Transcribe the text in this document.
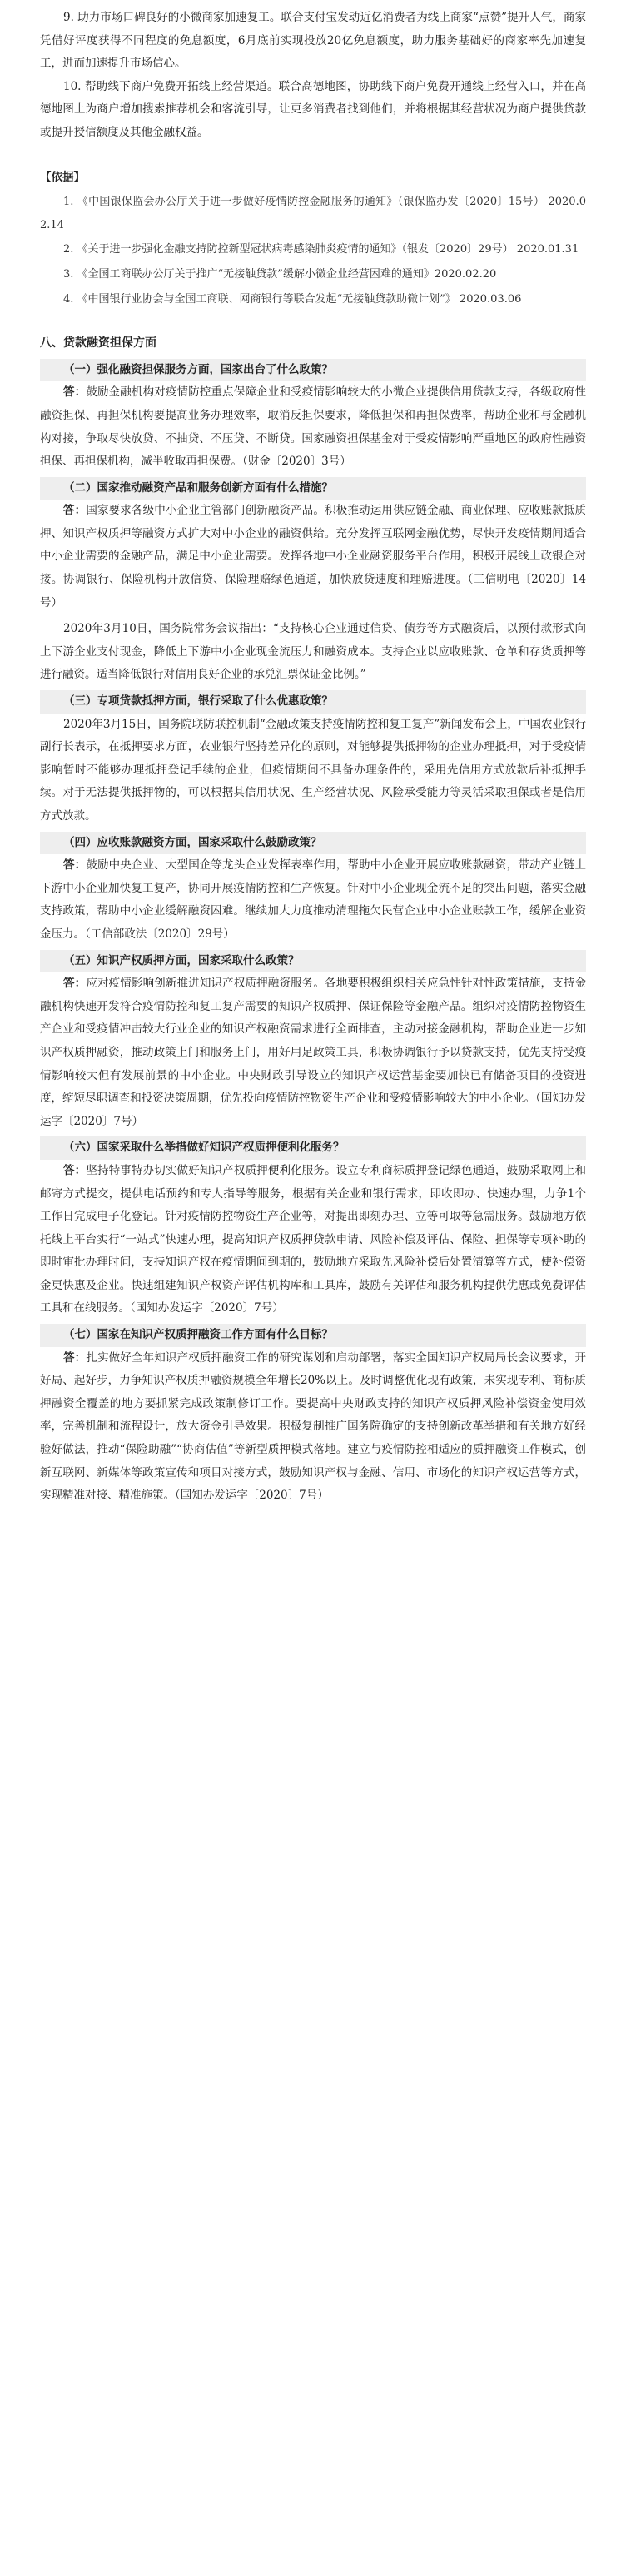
9. 助力市场口碑良好的小微商家加速复工。联合支付宝发动近亿消费者为线上商家“点赞”提升人气，商家凭借好评度获得不同程度的免息额度，6月底前实现投放20亿免息额度，助力服务基础好的商家率先加速复工，进而加速提升市场信心。

10. 帮助线下商户免费开拓线上经营渠道。联合高德地图，协助线下商户免费开通线上经营入口，并在高德地图上为商户增加搜索推荐机会和客流引导，让更多消费者找到他们，并将根据其经营状况为商户提供贷款或提升授信额度及其他金融权益。

【依据】

1. 《中国银保监会办公厅关于进一步做好疫情防控金融服务的通知》（银保监办发〔2020〕15号） 2020.02.14

2. 《关于进一步强化金融支持防控新型冠状病毒感染肺炎疫情的通知》（银发〔2020〕29号） 2020.01.31

3. 《全国工商联办公厅关于推广“无接触贷款”缓解小微企业经营困难的通知》2020.02.20

4. 《中国银行业协会与全国工商联、网商银行等联合发起“无接触贷款助微计划”》 2020.03.06

八、贷款融资担保方面

（一）强化融资担保服务方面，国家出台了什么政策？

答：鼓励金融机构对疫情防控重点保障企业和受疫情影响较大的小微企业提供信用贷款支持，各级政府性融资担保、再担保机构要提高业务办理效率，取消反担保要求，降低担保和再担保费率，帮助企业和与金融机构对接，争取尽快放贷、不抽贷、不压贷、不断贷。国家融资担保基金对于受疫情影响严重地区的政府性融资担保、再担保机构，减半收取再担保费。（财金〔2020〕3号）

（二）国家推动融资产品和服务创新方面有什么措施？

答：国家要求各级中小企业主管部门创新融资产品。积极推动运用供应链金融、商业保理、应收账款抵质押、知识产权质押等融资方式扩大对中小企业的融资供给。充分发挥互联网金融优势，尽快开发疫情期间适合中小企业需要的金融产品，满足中小企业需要。发挥各地中小企业融资服务平台作用，积极开展线上政银企对接。协调银行、保险机构开放信贷、保险理赔绿色通道，加快放贷速度和理赔进度。（工信明电〔2020〕14号）

2020年3月10日，国务院常务会议指出：“支持核心企业通过信贷、债券等方式融资后，以预付款形式向上下游企业支付现金，降低上下游中小企业现金流压力和融资成本。支持企业以应收账款、仓单和存货质押等进行融资。适当降低银行对信用良好企业的承兑汇票保证金比例。”

（三）专项贷款抵押方面，银行采取了什么优惠政策？

2020年3月15日，国务院联防联控机制“金融政策支持疫情防控和复工复产”新闻发布会上，中国农业银行副行长表示，在抵押要求方面，农业银行坚持差异化的原则，对能够提供抵押物的企业办理抵押，对于受疫情影响暂时不能够办理抵押登记手续的企业，但疫情期间不具备办理条件的，采用先信用方式放款后补抵押手续。对于无法提供抵押物的，可以根据其信用状况、生产经营状况、风险承受能力等灵活采取担保或者是信用方式放款。

（四）应收账款融资方面，国家采取什么鼓励政策？

答：鼓励中央企业、大型国企等龙头企业发挥表率作用，帮助中小企业开展应收账款融资，带动产业链上下游中小企业加快复工复产，协同开展疫情防控和生产恢复。针对中小企业现金流不足的突出问题，落实金融支持政策，帮助中小企业缓解融资困难。继续加大力度推动清理拖欠民营企业中小企业账款工作，缓解企业资金压力。（工信部政法〔2020〕29号）

（五）知识产权质押方面，国家采取什么政策？

答：应对疫情影响创新推进知识产权质押融资服务。各地要积极组织相关应急性针对性政策措施，支持金融机构快速开发符合疫情防控和复工复产需要的知识产权质押、保证保险等金融产品。组织对疫情防控物资生产企业和受疫情冲击较大行业企业的知识产权融资需求进行全面排查，主动对接金融机构，帮助企业进一步知识产权质押融资，推动政策上门和服务上门，用好用足政策工具，积极协调银行予以贷款支持，优先支持受疫情影响较大但有发展前景的中小企业。中央财政引导设立的知识产权运营基金要加快已有储备项目的投资进度，缩短尽职调查和投资决策周期，优先投向疫情防控物资生产企业和受疫情影响较大的中小企业。（国知办发运字〔2020〕7号）

（六）国家采取什么举措做好知识产权质押便利化服务？

答：坚持特事特办切实做好知识产权质押便利化服务。设立专利商标质押登记绿色通道，鼓励采取网上和邮寄方式提交，提供电话预约和专人指导等服务，根据有关企业和银行需求，即收即办、快速办理，力争1个工作日完成电子化登记。针对疫情防控物资生产企业等，对提出即刻办理、立等可取等急需服务。鼓励地方依托线上平台实行“一站式”快速办理，提高知识产权质押贷款申请、风险补偿及评估、保险、担保等专项补助的即时审批办理时间，支持知识产权在疫情期间到期的，鼓励地方采取先风险补偿后处置清算等方式，使补偿资金更快惠及企业。快速组建知识产权资产评估机构库和工具库，鼓励有关评估和服务机构提供优惠或免费评估工具和在线服务。（国知办发运字〔2020〕7号）

（七）国家在知识产权质押融资工作方面有什么目标？

答：扎实做好全年知识产权质押融资工作的研究谋划和启动部署，落实全国知识产权局局长会议要求，开好局、起好步，力争知识产权质押融资规模全年增长20%以上。及时调整优化现有政策，未实现专利、商标质押融资全覆盖的地方要抓紧完成政策制修订工作。要提高中央财政支持的知识产权质押风险补偿资金使用效率，完善机制和流程设计，放大资金引导效果。积极复制推广国务院确定的支持创新改革举措和有关地方好经验好做法，推动“保险助融”“协商估值”等新型质押模式落地。建立与疫情防控相适应的质押融资工作模式，创新互联网、新媒体等政策宣传和项目对接方式，鼓励知识产权与金融、信用、市场化的知识产权运营等方式，实现精准对接、精准施策。（国知办发运字〔2020〕7号）
